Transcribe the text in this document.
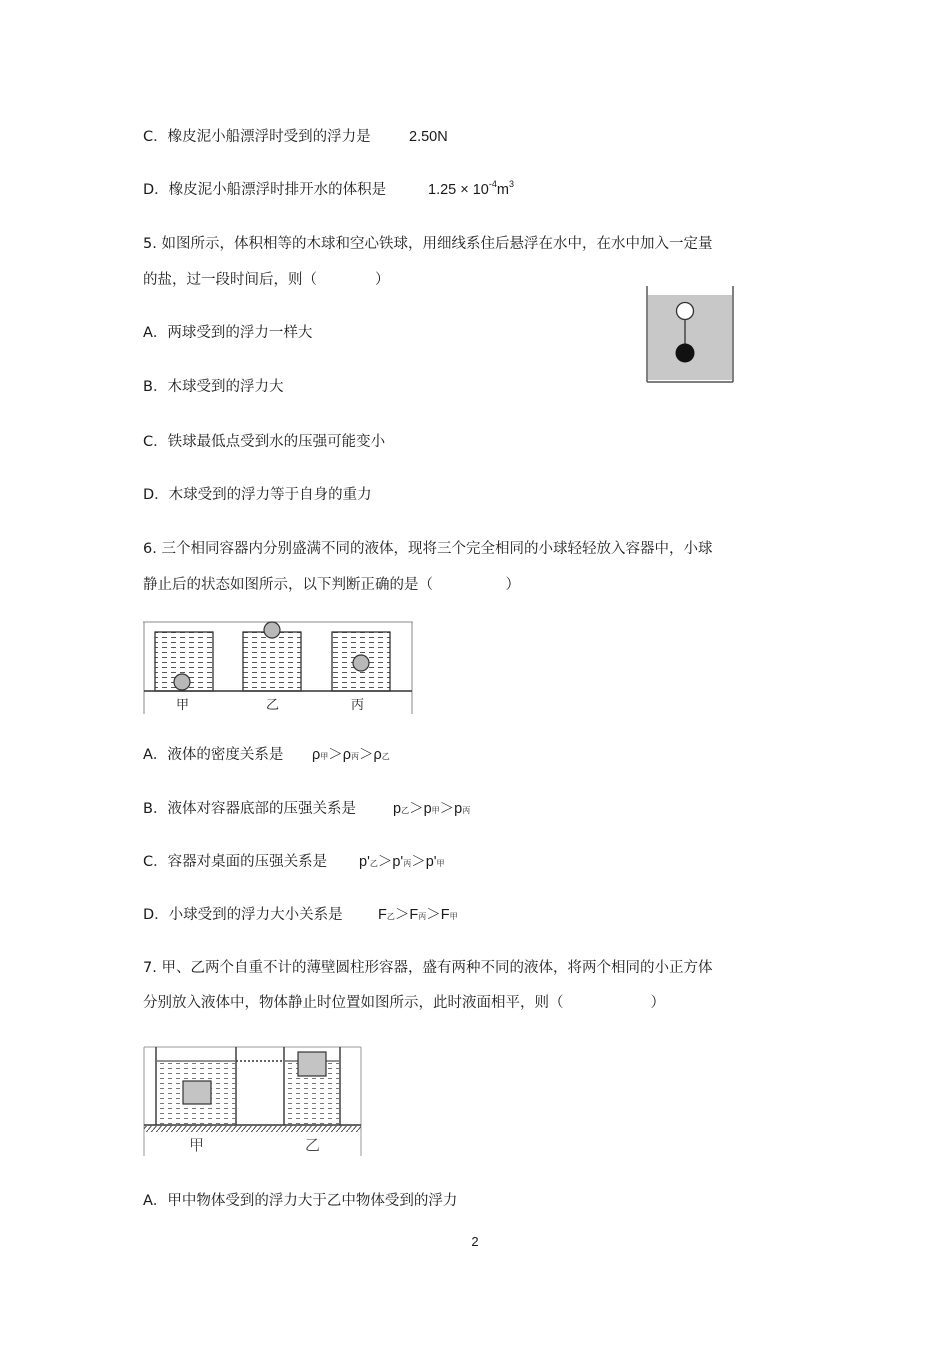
C．橡皮泥小船漂浮时受到的浮力是	2.50N
D．橡皮泥小船漂浮时排开水的体积是	$1.25 \times 10^{-4}m^3$
5. 如图所示，体积相等的木球和空心铁球，用细线系住后悬浮在水中，在水中加入一定量
的盐，过一段时间后，则（　　　　）
A．两球受到的浮力一样大
B．木球受到的浮力大
C．铁球最低点受到水的压强可能变小
D．木球受到的浮力等于自身的重力
6. 三个相同容器内分别盛满不同的液体，现将三个完全相同的小球轻轻放入容器中，小球
静止后的状态如图所示，以下判断正确的是（　　　　　）
甲	乙	丙
A．液体的密度关系是 ρ甲＞ρ丙＞ρ乙
B．液体对容器底部的压强关系是	p乙＞p甲＞p丙
C．容器对桌面的压强关系是 p'乙＞p'丙＞p'甲
D．小球受到的浮力大小关系是 F乙＞F丙＞F甲
7. 甲、乙两个自重不计的薄壁圆柱形容器，盛有两种不同的液体，将两个相同的小正方体
分别放入液体中，物体静止时位置如图所示，此时液面相平，则（　　　　　　）
甲	乙
A．甲中物体受到的浮力大于乙中物体受到的浮力
2
